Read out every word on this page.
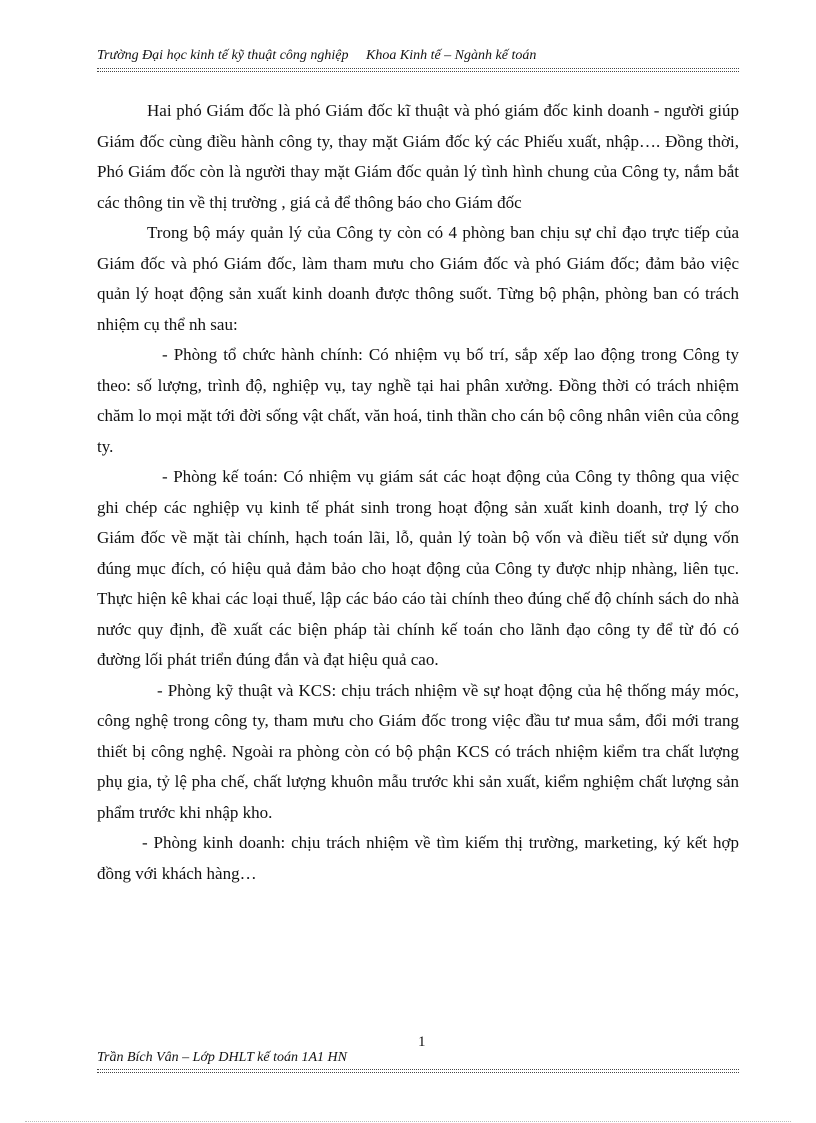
Trường Đại học kinh tế kỹ thuật công nghiệp Khoa Kinh tế – Ngành kế toán

Hai phó Giám đốc là phó Giám đốc kĩ thuật và phó giám đốc kinh doanh - người giúp Giám đốc cùng điều hành công ty, thay mặt Giám đốc ký các Phiếu xuất, nhập…. Đồng thời, Phó Giám đốc còn là người thay mặt Giám đốc quản lý tình hình chung của Công ty, nắm bắt các thông tin về thị trường , giá cả để thông báo cho Giám đốc

Trong bộ máy quản lý của Công ty còn có 4 phòng ban chịu sự chỉ đạo trực tiếp của Giám đốc và phó Giám đốc, làm tham mưu cho Giám đốc và phó Giám đốc; đảm bảo việc quản lý hoạt động sản xuất kinh doanh được thông suốt. Từng bộ phận, phòng ban có trách nhiệm cụ thể nh sau:

- Phòng tổ chức hành chính: Có nhiệm vụ bố trí, sắp xếp lao động trong Công ty theo: số lượng, trình độ, nghiệp vụ, tay nghề tại hai phân xưởng. Đồng thời có trách nhiệm chăm lo mọi mặt tới đời sống vật chất, văn hoá, tinh thần cho cán bộ công nhân viên của công ty.

- Phòng kế toán: Có nhiệm vụ giám sát các hoạt động của Công ty thông qua việc ghi chép các nghiệp vụ kinh tế phát sinh trong hoạt động sản xuất kinh doanh, trợ lý cho Giám đốc về mặt tài chính, hạch toán lãi, lỗ, quản lý toàn bộ vốn và điều tiết sử dụng vốn đúng mục đích, có hiệu quả đảm bảo cho hoạt động của Công ty được nhịp nhàng, liên tục. Thực hiện kê khai các loại thuế, lập các báo cáo tài chính theo đúng chế độ chính sách do nhà nước quy định, đề xuất các biện pháp tài chính kế toán cho lãnh đạo công ty để từ đó có đường lối phát triển đúng đắn và đạt hiệu quả cao.

- Phòng kỹ thuật và KCS: chịu trách nhiệm về sự hoạt động của hệ thống máy móc, công nghệ trong công ty, tham mưu cho Giám đốc trong việc đầu tư mua sắm, đổi mới trang thiết bị công nghệ. Ngoài ra phòng còn có bộ phận KCS có trách nhiệm kiểm tra chất lượng phụ gia, tỷ lệ pha chế, chất lượng khuôn mẫu trước khi sản xuất, kiểm nghiệm chất lượng sản phẩm trước khi nhập kho.

- Phòng kinh doanh: chịu trách nhiệm về tìm kiếm thị trường, marketing, ký kết hợp đồng với khách hàng…

1
Trần Bích Vân – Lớp DHLT kế toán 1A1 HN
